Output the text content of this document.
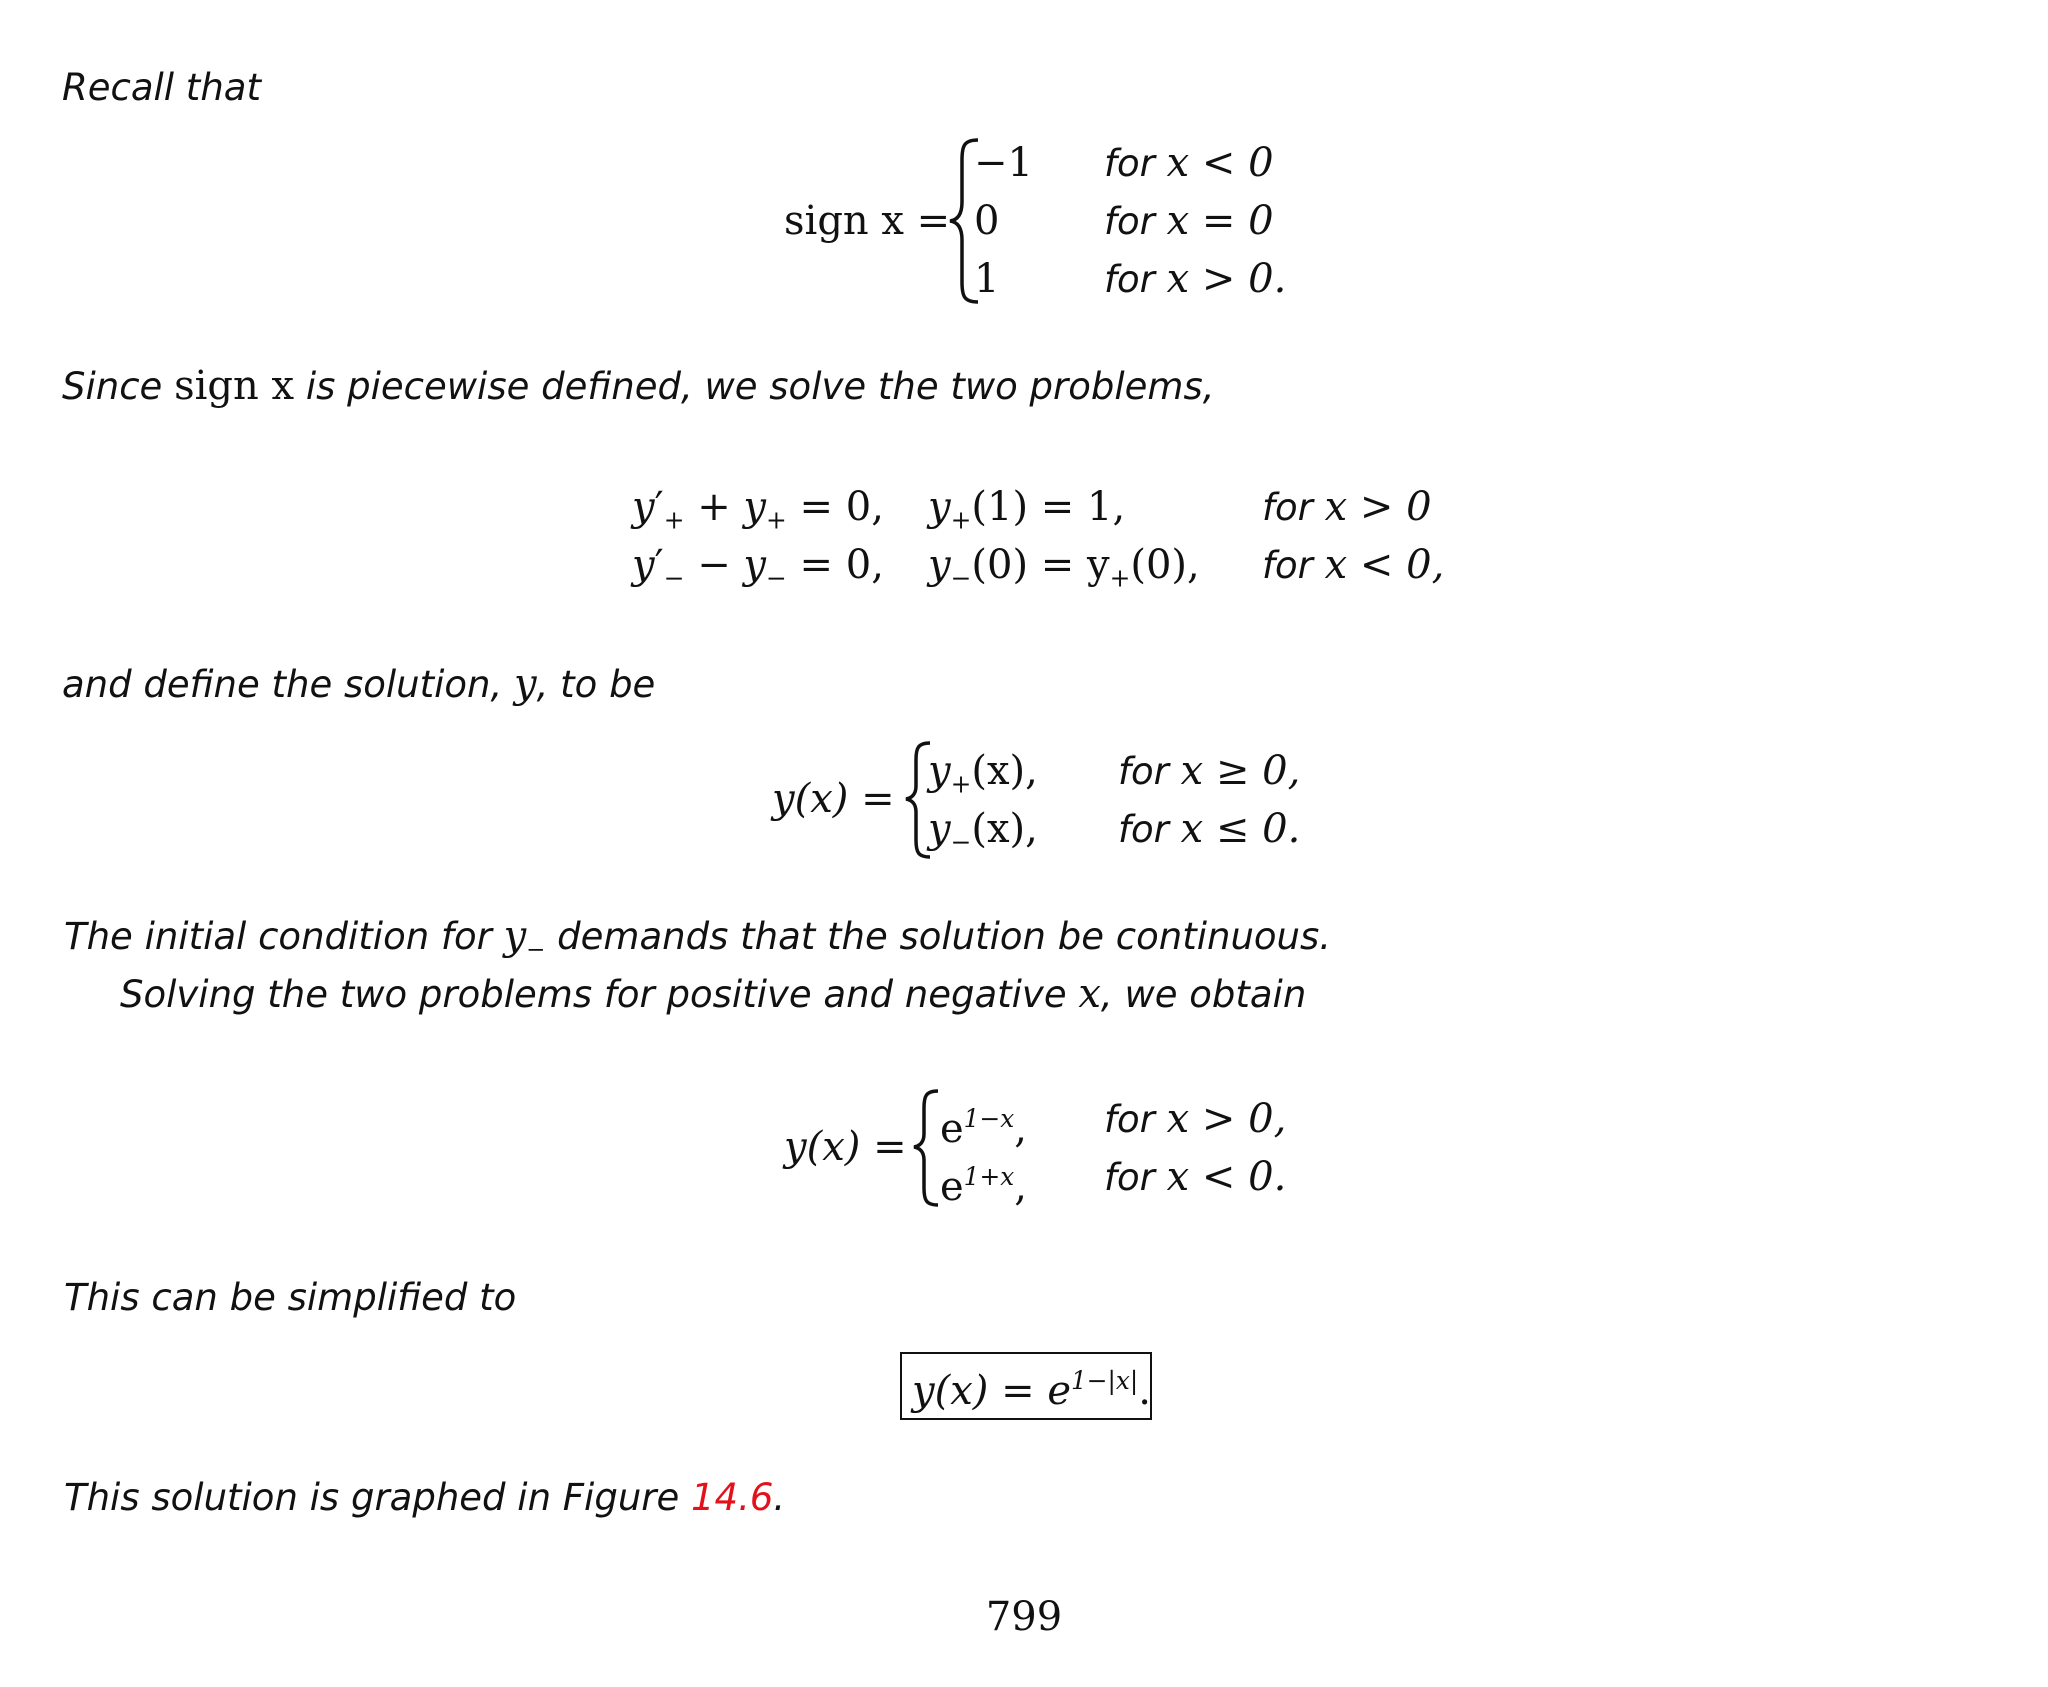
Recall that

sign x =
−1
0
1
for x < 0
for x = 0
for x > 0.

Since sign x is piecewise defined, we solve the two problems,

$y'_+ + y_+ = 0$, $y_+(1) = 1$,	for x > 0
$y'_- - y_- = 0$, $y_-(0) = y_+(0)$, for x < 0,

and define the solution, y, to be

y(x) =
$y_+(x)$,
$y_-(x)$,
for x ≥ 0,
for x ≤ 0.

The initial condition for $y_-$ demands that the solution be continuous.

Solving the two problems for positive and negative x, we obtain

$y(x) = e^{1-x}$,
$e^{1+x}$,
for x > 0,
for x < 0.

This can be simplified to

$y(x) = e^{1-|x|}$.

This solution is graphed in Figure 14.6.

799
